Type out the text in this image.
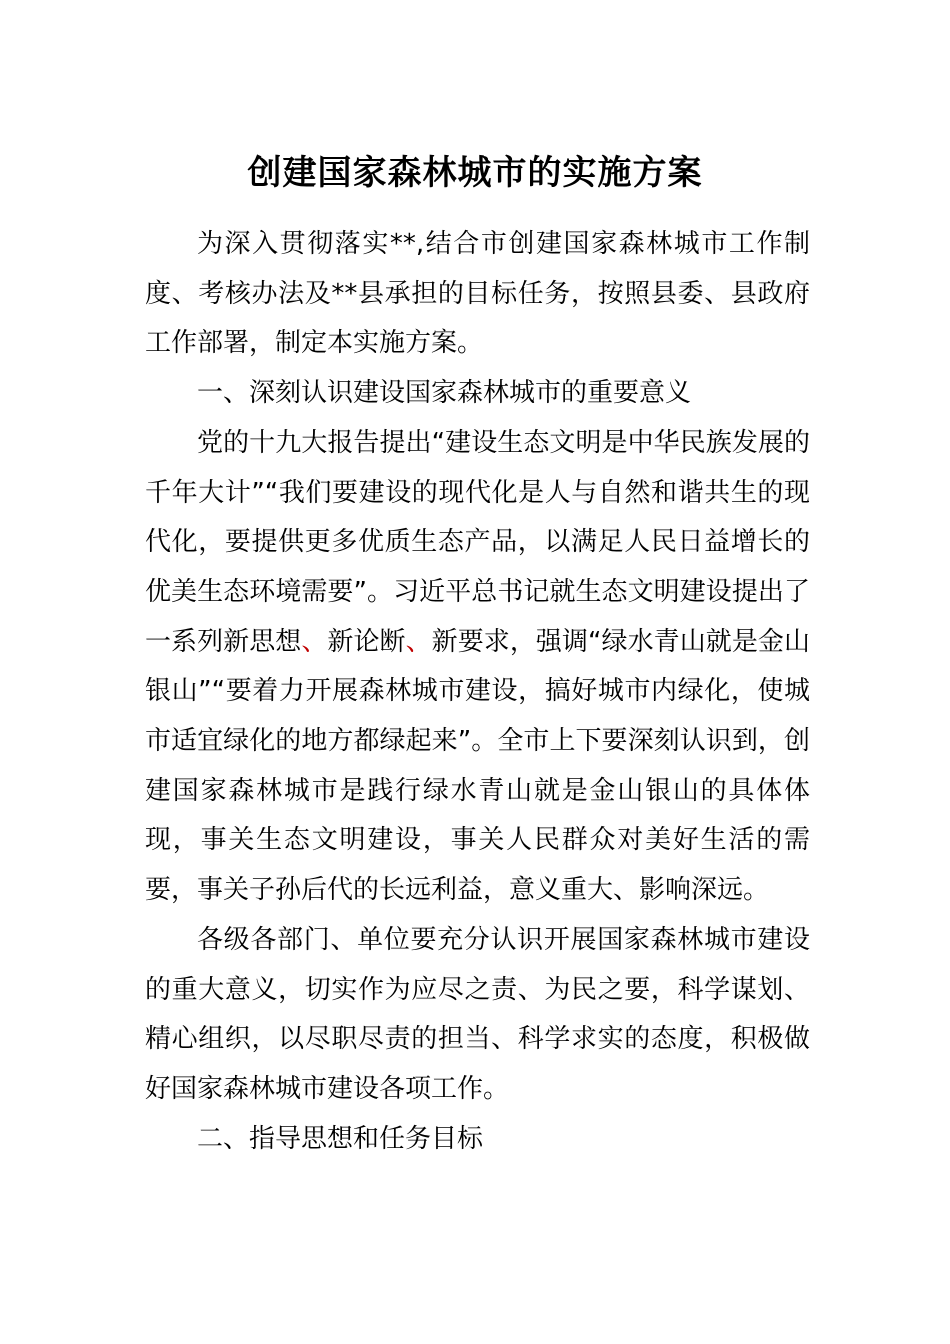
创建国家森林城市的实施方案

为深入贯彻落实**,结合市创建国家森林城市工作制度、考核办法及**县承担的目标任务，按照县委、县政府工作部署，制定本实施方案。

一、深刻认识建设国家森林城市的重要意义

党的十九大报告提出“建设生态文明是中华民族发展的千年大计”“我们要建设的现代化是人与自然和谐共生的现代化，要提供更多优质生态产品，以满足人民日益增长的优美生态环境需要”。习近平总书记就生态文明建设提出了一系列新思想、新论断、新要求，强调“绿水青山就是金山银山”“要着力开展森林城市建设，搞好城市内绿化，使城市适宜绿化的地方都绿起来”。全市上下要深刻认识到，创建国家森林城市是践行绿水青山就是金山银山的具体体现，事关生态文明建设，事关人民群众对美好生活的需要，事关子孙后代的长远利益，意义重大、影响深远。

各级各部门、单位要充分认识开展国家森林城市建设的重大意义，切实作为应尽之责、为民之要，科学谋划、精心组织，以尽职尽责的担当、科学求实的态度，积极做好国家森林城市建设各项工作。

二、指导思想和任务目标
